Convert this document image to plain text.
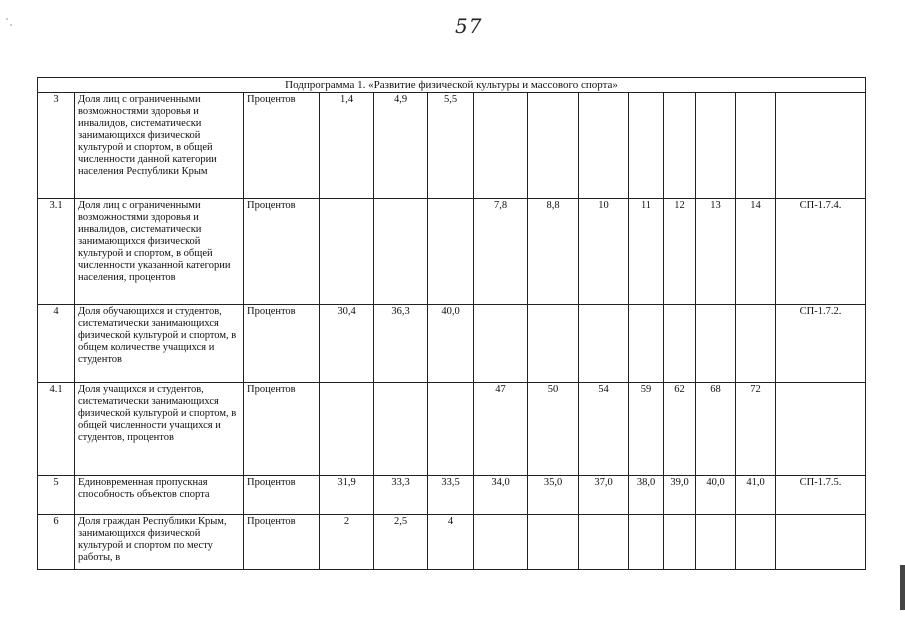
57
Подпрограмма 1. «Развитие физической культуры и массового спорта»													
3	Доля лиц с ограниченными возможностями здоровья и инвалидов, систематически занимающихся физической культурой и спортом, в общей численности данной категории населения Республики Крым	Процентов	1,4	4,9	5,5								
3.1	Доля лиц с ограниченными возможностями здоровья и инвалидов, систематически занимающихся физической культурой и спортом, в общей численности указанной категории населения, процентов	Процентов				7,8	8,8	10	11	12	13	14	СП-1.7.4.
4	Доля обучающихся и студентов, систематически занимающихся физической культурой и спортом, в общем количестве учащихся и студентов	Процентов	30,4	36,3	40,0								СП-1.7.2.
4.1	Доля учащихся и студентов, систематически занимающихся физической культурой и спортом, в общей численности учащихся и студентов, процентов	Процентов				47	50	54	59	62	68	72	
5	Единовременная пропускная способность объектов спорта	Процентов	31,9	33,3	33,5	34,0	35,0	37,0	38,0	39,0	40,0	41,0	СП-1.7.5.
6	Доля граждан Республики Крым, занимающихся физической культурой и спортом по месту работы, в	Процентов	2	2,5	4								
